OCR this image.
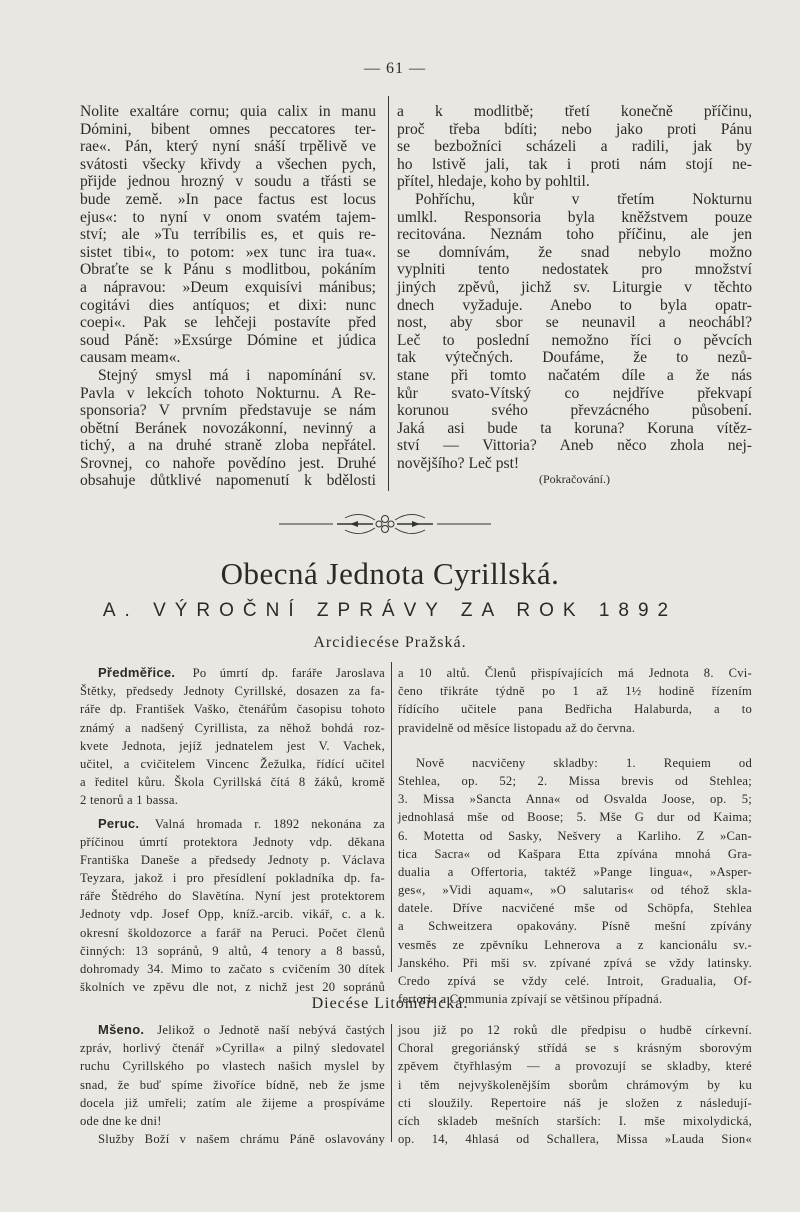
— 61 —
Nolite exaltáre cornu; quia calix in manu
Dómini, bibent omnes peccatores ter-
rae«. Pán, který nyní snáší trpělivě ve
svátosti všecky křivdy a všechen pych,
přijde jednou hrozný v soudu a třásti se
bude země. »In pace factus est locus
ejus«: to nyní v onom svatém tajem-
ství; ale »Tu terríbilis es, et quis re-
sistet tibi«, to potom: »ex tunc ira tua«.
Obraťte se k Pánu s modlitbou, pokáním
a nápravou: »Deum exquisívi mánibus;
cogitávi dies antíquos; et dixi: nunc
coepi«. Pak se lehčeji postavíte před
soud Páně: »Exsúrge Dómine et júdica
causam meam«.
Stejný smysl má i napomínání sv.
Pavla v lekcích tohoto Nokturnu. A Re-
sponsoria? V prvním představuje se nám
obětní Beránek novozákonní, nevinný a
tichý, a na druhé straně zloba nepřátel.
Srovnej, co nahoře povědíno jest. Druhé
obsahuje důtklivé napomenutí k bdělosti
a k modlitbě; třetí konečně příčinu,
proč třeba bdíti; nebo jako proti Pánu
se bezbožníci scházeli a radili, jak by
ho lstivě jali, tak i proti nám stojí ne-
přítel, hledaje, koho by pohltil.
Pohříchu, kůr v třetím Nokturnu
umlkl. Responsoria byla kněžstvem pouze
recitována. Neznám toho příčinu, ale jen
se domnívám, že snad nebylo možno
vyplniti tento nedostatek pro množství
jiných zpěvů, jichž sv. Liturgie v těchto
dnech vyžaduje. Anebo to byla opatr-
nost, aby sbor se neunavil a neochábl?
Leč to poslední nemožno říci o pěvcích
tak výtečných. Doufáme, že to nezů-
stane při tomto načatém díle a že nás
kůr svato-Vítský co nejdříve překvapí
korunou svého převzácného působení.
Jaká asi bude ta koruna? Koruna vítěz-
ství — Vittoria? Aneb něco zhola nej-
novějšího? Leč pst!
(Pokračování.)
Obecná Jednota Cyrillská.
A. VÝROČNÍ ZPRÁVY ZA ROK 1892
Arcidiecése Pražská.
Předměřice. Po úmrtí dp. faráře Jaroslava
Štětky, předsedy Jednoty Cyrillské, dosazen za fa-
ráře dp. František Vaško, čtenářům časopisu tohoto
známý a nadšený Cyrillista, za něhož bohdá roz-
kvete Jednota, jejíž jednatelem jest V. Vachek,
učitel, a cvičitelem Vincenc Žežulka, řídící učitel
a ředitel kůru. Škola Cyrillská čítá 8 žáků, kromě
2 tenorů a 1 bassa.
Peruc. Valná hromada r. 1892 nekonána za
příčinou úmrtí protektora Jednoty vdp. děkana
Františka Daneše a předsedy Jednoty p. Václava
Teyzara, jakož i pro přesídlení pokladníka dp. fa-
ráře Štědrého do Slavětína. Nyní jest protektorem
Jednoty vdp. Josef Opp, kníž.-arcib. vikář, c. a k.
okresní školdozorce a farář na Peruci. Počet členů
činných: 13 sopránů, 9 altů, 4 tenory a 8 bassů,
dohromady 34. Mimo to začato s cvičením 30 dítek
školních ve zpěvu dle not, z nichž jest 20 sopránů
a 10 altů. Členů přispívajících má Jednota 8. Cvi-
čeno třikráte týdně po 1 až 1½ hodině řízením
řídícího učitele pana Bedřicha Halaburda, a to
pravidelně od měsíce listopadu až do června.
Nově nacvičeny skladby: 1. Requiem od
Stehlea, op. 52; 2. Missa brevis od Stehlea;
3. Missa »Sancta Anna« od Osvalda Joose, op. 5;
jednohlasá mše od Boose; 5. Mše G dur od Kaima;
6. Motetta od Sasky, Nešvery a Karliho. Z »Can-
tica Sacra« od Kašpara Etta zpívána mnohá Gra-
dualia a Offertoria, taktéž »Pange lingua«, »Asper-
ges«, »Vidi aquam«, »O salutaris« od téhož skla-
datele. Dříve nacvičené mše od Schöpfa, Stehlea
a Schweitzera opakovány. Písně mešní zpívány
vesměs ze zpěvníku Lehnerova a z kancionálu sv.-
Janského. Při mši sv. zpívané zpívá se vždy latinsky.
Credo zpívá se vždy celé. Introit, Gradualia, Of-
fertoria a Communia zpívají se většinou případná.
Diecése Litoměřická.
Mšeno. Jelikož o Jednotě naší nebývá častých
zpráv, horlivý čtenář »Cyrilla« a pilný sledovatel
ruchu Cyrillského po vlastech našich myslel by
snad, že buď spíme živoříce bídně, neb že jsme
docela již umřeli; zatím ale žijeme a prospíváme
ode dne ke dni!
Služby Boží v našem chrámu Páně oslavovány
jsou již po 12 roků dle předpisu o hudbě církevní.
Choral gregoriánský střídá se s krásným sborovým
zpěvem čtyřhlasým — a provozují se skladby, které
i těm nejvyškolenějším sborům chrámovým by ku
cti sloužily. Repertoire náš je složen z následují-
cích skladeb mešních starších: I. mše mixolydická,
op. 14, 4hlasá od Schallera, Missa »Lauda Sion«
